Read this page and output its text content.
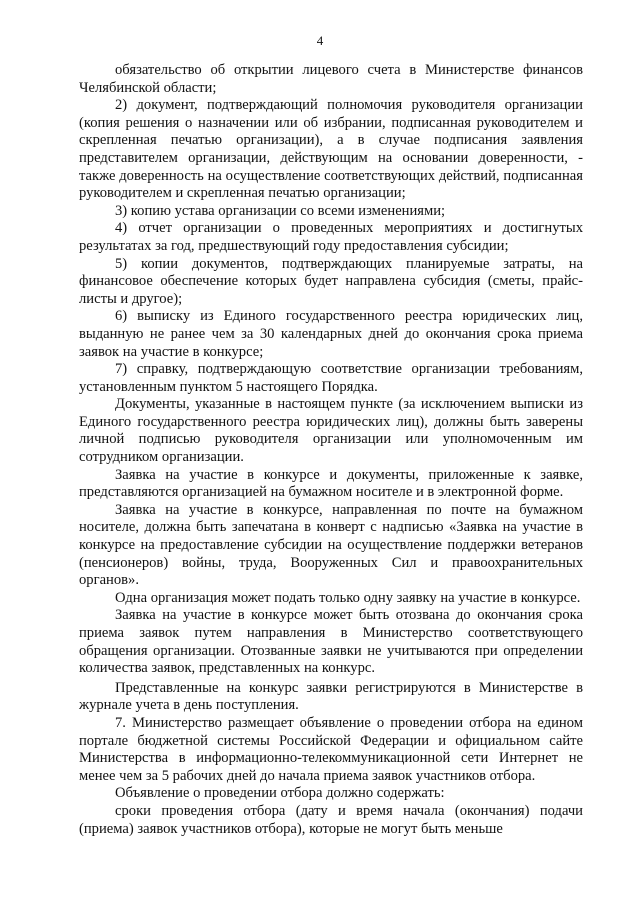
4

обязательство об открытии лицевого счета в Министерстве финансов Челябинской области;

2) документ, подтверждающий полномочия руководителя организации (копия решения о назначении или об избрании, подписанная руководителем и скрепленная печатью организации), а в случае подписания заявления представителем организации, действующим на основании доверенности, - также доверенность на осуществление соответствующих действий, подписанная руководителем и скрепленная печатью организации;

3) копию устава организации со всеми изменениями;

4) отчет организации о проведенных мероприятиях и достигнутых результатах за год, предшествующий году предоставления субсидии;

5) копии документов, подтверждающих планируемые затраты, на финансовое обеспечение которых будет направлена субсидия (сметы, прайс-листы и другое);

6) выписку из Единого государственного реестра юридических лиц, выданную не ранее чем за 30 календарных дней до окончания срока приема заявок на участие в конкурсе;

7) справку, подтверждающую соответствие организации требованиям, установленным пунктом 5 настоящего Порядка.

Документы, указанные в настоящем пункте (за исключением выписки из Единого государственного реестра юридических лиц), должны быть заверены личной подписью руководителя организации или уполномоченным им сотрудником организации.

Заявка на участие в конкурсе и документы, приложенные к заявке, представляются организацией на бумажном носителе и в электронной форме.

Заявка на участие в конкурсе, направленная по почте на бумажном носителе, должна быть запечатана в конверт с надписью «Заявка на участие в конкурсе на предоставление субсидии на осуществление поддержки ветеранов (пенсионеров) войны, труда, Вооруженных Сил и правоохранительных органов».

Одна организация может подать только одну заявку на участие в конкурсе.

Заявка на участие в конкурсе может быть отозвана до окончания срока приема заявок путем направления в Министерство соответствующего обращения организации. Отозванные заявки не учитываются при определении количества заявок, представленных на конкурс.

Представленные на конкурс заявки регистрируются в Министерстве в журнале учета в день поступления.

7. Министерство размещает объявление о проведении отбора на едином портале бюджетной системы Российской Федерации и официальном сайте Министерства в информационно-телекоммуникационной сети Интернет не менее чем за 5 рабочих дней до начала приема заявок участников отбора.

Объявление о проведении отбора должно содержать:

сроки проведения отбора (дату и время начала (окончания) подачи (приема) заявок участников отбора), которые не могут быть меньше
